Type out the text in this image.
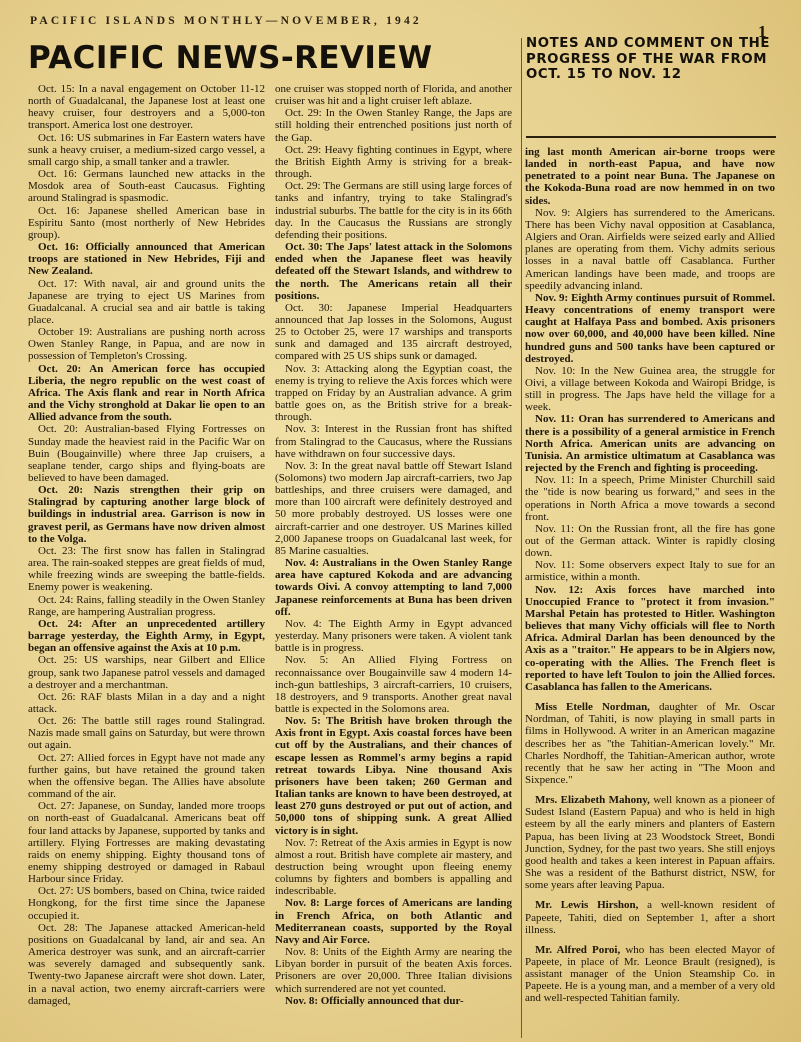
PACIFIC ISLANDS MONTHLY—NOVEMBER, 1942
1
PACIFIC NEWS-REVIEW	NOTES AND COMMENT ON THE PROGRESS OF THE WAR FROM OCT. 15 TO NOV. 12

Oct. 15: In a naval engagement on October 11-12 north of Guadalcanal, the Japanese lost at least one heavy cruiser, four destroyers and a 5,000-ton transport. America lost one destroyer.

Oct. 16: US submarines in Far Eastern waters have sunk a heavy cruiser, a medium-sized cargo vessel, a small cargo ship, a small tanker and a trawler.

Oct. 16: Germans launched new attacks in the Mosdok area of South-east Caucasus. Fighting around Stalingrad is spasmodic.

Oct. 16: Japanese shelled American base in Espiritu Santo (most northerly of New Hebrides group).

Oct. 16: Officially announced that American troops are stationed in New Hebrides, Fiji and New Zealand.

Oct. 17: With naval, air and ground units the Japanese are trying to eject US Marines from Guadalcanal. A crucial sea and air battle is taking place.

October 19: Australians are pushing north across Owen Stanley Range, in Papua, and are now in possession of Templeton's Crossing.

Oct. 20: An American force has occupied Liberia, the negro republic on the west coast of Africa. The Axis flank and rear in North Africa and the Vichy stronghold at Dakar lie open to an Allied advance from the south.

Oct. 20: Australian-based Flying Fortresses on Sunday made the heaviest raid in the Pacific War on Buin (Bougainville) where three Jap cruisers, a seaplane tender, cargo ships and flying-boats are believed to have been damaged.

Oct. 20: Nazis strengthen their grip on Stalingrad by capturing another large block of buildings in industrial area. Garrison is now in gravest peril, as Germans have now driven almost to the Volga.

Oct. 23: The first snow has fallen in Stalingrad area. The rain-soaked steppes are great fields of mud, while freezing winds are sweeping the battle-fields. Enemy power is weakening.

Oct. 24: Rains, falling steadily in the Owen Stanley Range, are hampering Australian progress.

Oct. 24: After an unprecedented artillery barrage yesterday, the Eighth Army, in Egypt, began an offensive against the Axis at 10 p.m.

Oct. 25: US warships, near Gilbert and Ellice group, sank two Japanese patrol vessels and damaged a destroyer and a merchantman.

Oct. 26: RAF blasts Milan in a day and a night attack.

Oct. 26: The battle still rages round Stalingrad. Nazis made small gains on Saturday, but were thrown out again.

Oct. 27: Allied forces in Egypt have not made any further gains, but have retained the ground taken when the offensive began. The Allies have absolute command of the air.

Oct. 27: Japanese, on Sunday, landed more troops on north-east of Guadalcanal. Americans beat off four land attacks by Japanese, supported by tanks and artillery. Flying Fortresses are making devastating raids on enemy shipping. Eighty thousand tons of enemy shipping destroyed or damaged in Rabaul Harbour since Friday.

Oct. 27: US bombers, based on China, twice raided Hongkong, for the first time since the Japanese occupied it.

Oct. 28: The Japanese attacked American-held positions on Guadalcanal by land, air and sea. An America destroyer was sunk, and an aircraft-carrier was severely damaged and subsequently sank. Twenty-two Japanese aircraft were shot down. Later, in a naval action, two enemy aircraft-carriers were damaged,

one cruiser was stopped north of Florida, and another cruiser was hit and a light cruiser left ablaze.

Oct. 29: In the Owen Stanley Range, the Japs are still holding their entrenched positions just north of the Gap.

Oct. 29: Heavy fighting continues in Egypt, where the British Eighth Army is striving for a break-through.

Oct. 29: The Germans are still using large forces of tanks and infantry, trying to take Stalingrad's industrial suburbs. The battle for the city is in its 66th day. In the Caucasus the Russians are strongly defending their positions.

Oct. 30: The Japs' latest attack in the Solomons ended when the Japanese fleet was heavily defeated off the Stewart Islands, and withdrew to the north. The Americans retain all their positions.

Oct. 30: Japanese Imperial Headquarters announced that Jap losses in the Solomons, August 25 to October 25, were 17 warships and transports sunk and damaged and 135 aircraft destroyed, compared with 25 US ships sunk or damaged.

Nov. 3: Attacking along the Egyptian coast, the enemy is trying to relieve the Axis forces which were trapped on Friday by an Australian advance. A grim battle goes on, as the British strive for a break-through.

Nov. 3: Interest in the Russian front has shifted from Stalingrad to the Caucasus, where the Russians have withdrawn on four successive days.

Nov. 3: In the great naval battle off Stewart Island (Solomons) two modern Jap aircraft-carriers, two Jap battleships, and three cruisers were damaged, and more than 100 aircraft were definitely destroyed and 50 more probably destroyed. US losses were one aircraft-carrier and one destroyer. US Marines killed 2,000 Japanese troops on Guadalcanal last week, for 85 Marine casualties.

Nov. 4: Australians in the Owen Stanley Range area have captured Kokoda and are advancing towards Oivi. A convoy attempting to land 7,000 Japanese reinforcements at Buna has been driven off.

Nov. 4: The Eighth Army in Egypt advanced yesterday. Many prisoners were taken. A violent tank battle is in progress.

Nov. 5: An Allied Flying Fortress on reconnaissance over Bougainville saw 4 modern 14-inch-gun battleships, 3 aircraft-carriers, 10 cruisers, 18 destroyers, and 9 transports. Another great naval battle is expected in the Solomons area.

Nov. 5: The British have broken through the Axis front in Egypt. Axis coastal forces have been cut off by the Australians, and their chances of escape lessen as Rommel's army begins a rapid retreat towards Libya. Nine thousand Axis prisoners have been taken; 260 German and Italian tanks are known to have been destroyed, at least 270 guns destroyed or put out of action, and 50,000 tons of shipping sunk. A great Allied victory is in sight.

Nov. 7: Retreat of the Axis armies in Egypt is now almost a rout. British have complete air mastery, and destruction being wrought upon fleeing enemy columns by fighters and bombers is appalling and indescribable.

Nov. 8: Large forces of Americans are landing in French Africa, on both Atlantic and Mediterranean coasts, supported by the Royal Navy and Air Force.

Nov. 8: Units of the Eighth Army are nearing the Libyan border in pursuit of the beaten Axis forces. Prisoners are over 20,000. Three Italian divisions which surrendered are not yet counted.

Nov. 8: Officially announced that dur-

ing last month American air-borne troops were landed in north-east Papua, and have now penetrated to a point near Buna. The Japanese on the Kokoda-Buna road are now hemmed in on two sides.

Nov. 9: Algiers has surrendered to the Americans. There has been Vichy naval opposition at Casablanca, Algiers and Oran. Airfields were seized early and Allied planes are operating from them. Vichy admits serious losses in a naval battle off Casablanca. Further American landings have been made, and troops are speedily advancing inland.

Nov. 9: Eighth Army continues pursuit of Rommel. Heavy concentrations of enemy transport were caught at Halfaya Pass and bombed. Axis prisoners now over 60,000, and 40,000 have been killed. Nine hundred guns and 500 tanks have been captured or destroyed.

Nov. 10: In the New Guinea area, the struggle for Oivi, a village between Kokoda and Wairopi Bridge, is still in progress. The Japs have held the village for a week.

Nov. 11: Oran has surrendered to Americans and there is a possibility of a general armistice in French North Africa. American units are advancing on Tunisia. An armistice ultimatum at Casablanca was rejected by the French and fighting is proceeding.

Nov. 11: In a speech, Prime Minister Churchill said the "tide is now bearing us forward," and sees in the operations in North Africa a move towards a second front.

Nov. 11: On the Russian front, all the fire has gone out of the German attack. Winter is rapidly closing down.

Nov. 11: Some observers expect Italy to sue for an armistice, within a month.

Nov. 12: Axis forces have marched into Unoccupied France to "protect it from invasion." Marshal Petain has protested to Hitler. Washington believes that many Vichy officials will flee to North Africa. Admiral Darlan has been denounced by the Axis as a "traitor." He appears to be in Algiers now, co-operating with the Allies. The French fleet is reported to have left Toulon to join the Allied forces. Casablanca has fallen to the Americans.

Miss Etelle Nordman, daughter of Mr. Oscar Nordman, of Tahiti, is now playing in small parts in films in Hollywood. A writer in an American magazine describes her as "the Tahitian-American lovely." Mr. Charles Nordhoff, the Tahitian-American author, wrote recently that he saw her acting in "The Moon and Sixpence."

Mrs. Elizabeth Mahony, well known as a pioneer of Sudest Island (Eastern Papua) and who is held in high esteem by all the early miners and planters of Eastern Papua, has been living at 23 Woodstock Street, Bondi Junction, Sydney, for the past two years. She still enjoys good health and takes a keen interest in Papuan affairs. She was a resident of the Bathurst district, NSW, for some years after leaving Papua.

Mr. Lewis Hirshon, a well-known resident of Papeete, Tahiti, died on September 1, after a short illness.

Mr. Alfred Poroi, who has been elected Mayor of Papeete, in place of Mr. Leonce Brault (resigned), is assistant manager of the Union Steamship Co. in Papeete. He is a young man, and a member of a very old and well-respected Tahitian family.
